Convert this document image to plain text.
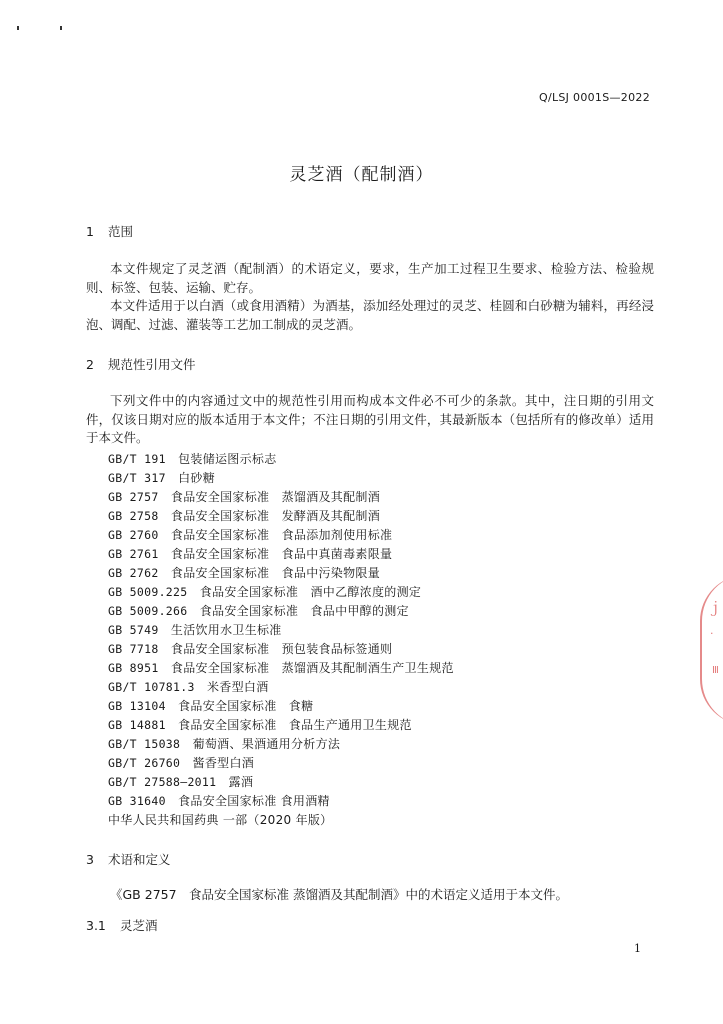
Q/LSJ 0001S—2022
灵芝酒（配制酒）
1 范围
本文件规定了灵芝酒（配制酒）的术语定义，要求，生产加工过程卫生要求、检验方法、检验规则、标签、包装、运输、贮存。
本文件适用于以白酒（或食用酒精）为酒基，添加经处理过的灵芝、桂圆和白砂糖为辅料，再经浸泡、调配、过滤、灌装等工艺加工制成的灵芝酒。
2 规范性引用文件
下列文件中的内容通过文中的规范性引用而构成本文件必不可少的条款。其中，注日期的引用文件，仅该日期对应的版本适用于本文件；不注日期的引用文件，其最新版本（包括所有的修改单）适用于本文件。
GB/T 191　 包装储运图示标志
GB/T 317　 白砂糖
GB 2757　 食品安全国家标准　蒸馏酒及其配制酒
GB 2758　 食品安全国家标准　发酵酒及其配制酒
GB 2760　 食品安全国家标准　食品添加剂使用标准
GB 2761　 食品安全国家标准　食品中真菌毒素限量
GB 2762　 食品安全国家标准　食品中污染物限量
GB 5009.225　 食品安全国家标准　酒中乙醇浓度的测定
GB 5009.266　 食品安全国家标准　食品中甲醇的测定
GB 5749　 生活饮用水卫生标准
GB 7718　 食品安全国家标准　预包装食品标签通则
GB 8951　 食品安全国家标准　蒸馏酒及其配制酒生产卫生规范
GB/T 10781.3　 米香型白酒
GB 13104　 食品安全国家标准　食糖
GB 14881　 食品安全国家标准　食品生产通用卫生规范
GB/T 15038　 葡萄酒、果酒通用分析方法
GB/T 26760　 酱香型白酒
GB/T 27588—2011　 露酒
GB 31640　 食品安全国家标准 食用酒精
中华人民共和国药典 一部（2020 年版）
3 术语和定义
《GB 2757　食品安全国家标准 蒸馏酒及其配制酒》中的术语定义适用于本文件。
3.1 灵芝酒
1
ｊ
·
Ⅲ
